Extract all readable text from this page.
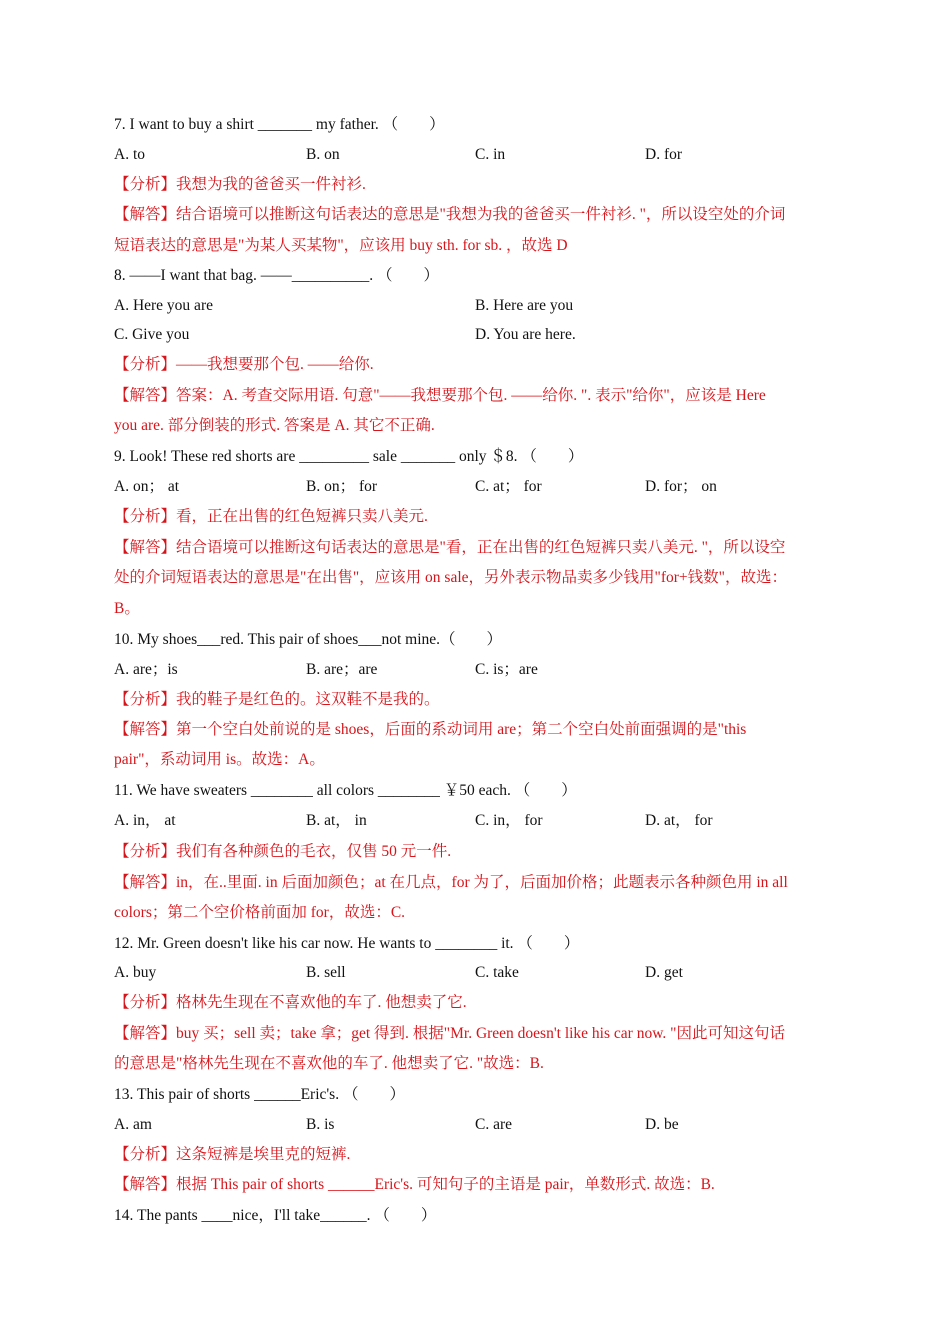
7. I want to buy a shirt _______ my father. （　　）
A. to	B. on	C. in	D. for
【分析】我想为我的爸爸买一件衬衫.
【解答】结合语境可以推断这句话表达的意思是"我想为我的爸爸买一件衬衫. "，所以设空处的介词
短语表达的意思是"为某人买某物"，应该用 buy sth. for sb. ，故选 D
8. ——I want that bag. ——__________. （　　）
A. Here you are	B. Here are you
C. Give you	D. You are here.
【分析】——我想要那个包. ——给你.
【解答】答案：A. 考查交际用语. 句意"——我想要那个包. ——给你. ". 表示"给你"，应该是 Here
you are. 部分倒装的形式. 答案是 A. 其它不正确.
9. Look! These red shorts are _________ sale _______ only ＄8. （　　）
A. on； at	B. on； for	C. at； for	D. for； on
【分析】看，正在出售的红色短裤只卖八美元.
【解答】结合语境可以推断这句话表达的意思是"看，正在出售的红色短裤只卖八美元. "，所以设空
处的介词短语表达的意思是"在出售"，应该用 on sale，另外表示物品卖多少钱用"for+钱数"，故选：
B。
10. My shoes___red. This pair of shoes___not mine.（　　）
A. are；is	B. are；are	C. is；are
【分析】我的鞋子是红色的。这双鞋不是我的。
【解答】第一个空白处前说的是 shoes，后面的系动词用 are；第二个空白处前面强调的是"this
pair"，系动词用 is。故选：A。
11. We have sweaters ________ all colors ________ ￥50 each. （　　）
A. in， at	B. at， in	C. in， for	D. at， for
【分析】我们有各种颜色的毛衣，仅售 50 元一件.
【解答】in，在..里面. in 后面加颜色；at 在几点，for 为了，后面加价格；此题表示各种颜色用 in all
colors；第二个空价格前面加 for，故选：C.
12. Mr. Green doesn't like his car now. He wants to ________ it. （　　）
A. buy	B. sell	C. take	D. get
【分析】格林先生现在不喜欢他的车了. 他想卖了它.
【解答】buy 买；sell 卖；take 拿；get 得到. 根据"Mr. Green doesn't like his car now. "因此可知这句话
的意思是"格林先生现在不喜欢他的车了. 他想卖了它. "故选：B.
13. This pair of shorts ______Eric's. （　　）
A. am	B. is	C. are	D. be
【分析】这条短裤是埃里克的短裤.
【解答】根据 This pair of shorts ______Eric's. 可知句子的主语是 pair，单数形式. 故选：B.
14. The pants ____nice，I'll take______. （　　）
